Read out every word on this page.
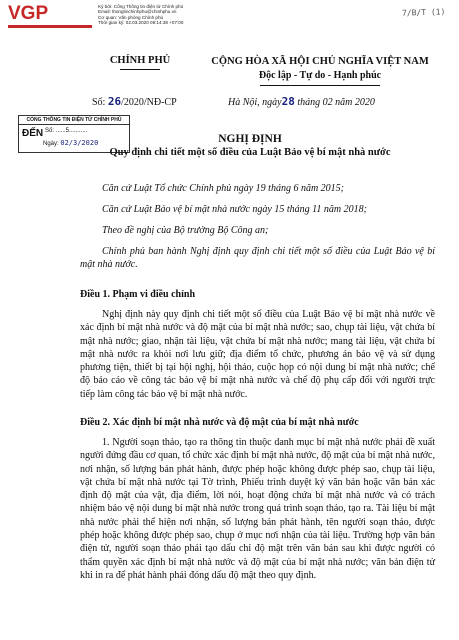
VGP	Ký bởi: Cổng Thông tin điện tử Chính phủ
Email: thongtinchinhphu@chinhphu.vn
Cơ quan: Văn phòng Chính phủ
Thời gian ký: 02.03.2020 09:14:38 +07:00
7/B/T (1)
CHÍNH PHỦ	CỘNG HÒA XÃ HỘI CHỦ NGHĨA VIỆT NAM
Độc lập - Tự do - Hạnh phúc
Số: 26/2020/NĐ-CP	Hà Nội, ngày28 tháng 02 năm 2020
CỔNG THÔNG TIN ĐIỆN TỬ CHÍNH PHỦ
ĐẾN Số: ......5...........
Ngày: 02/3/2020	NGHỊ ĐỊNH
Quy định chi tiết một số điều của Luật Bảo vệ bí mật nhà nước
Căn cứ Luật Tổ chức Chính phủ ngày 19 tháng 6 năm 2015;
Căn cứ Luật Bảo vệ bí mật nhà nước ngày 15 tháng 11 năm 2018;
Theo đề nghị của Bộ trưởng Bộ Công an;
Chính phủ ban hành Nghị định quy định chi tiết một số điều của Luật Bảo vệ bí mật nhà nước.
Điều 1. Phạm vi điều chỉnh
Nghị định này quy định chi tiết một số điều của Luật Bảo vệ bí mật nhà nước về xác định bí mật nhà nước và độ mật của bí mật nhà nước; sao, chụp tài liệu, vật chứa bí mật nhà nước; giao, nhận tài liệu, vật chứa bí mật nhà nước; mang tài liệu, vật chứa bí mật nhà nước ra khỏi nơi lưu giữ; địa điểm tổ chức, phương án bảo vệ và sử dụng phương tiện, thiết bị tại hội nghị, hội thảo, cuộc họp có nội dung bí mật nhà nước; chế độ báo cáo về công tác bảo vệ bí mật nhà nước và chế độ phụ cấp đối với người trực tiếp làm công tác bảo vệ bí mật nhà nước.
Điều 2. Xác định bí mật nhà nước và độ mật của bí mật nhà nước
1. Người soạn thảo, tạo ra thông tin thuộc danh mục bí mật nhà nước phải đề xuất người đứng đầu cơ quan, tổ chức xác định bí mật nhà nước, độ mật của bí mật nhà nước, nơi nhận, số lượng bản phát hành, được phép hoặc không được phép sao, chụp tài liệu, vật chứa bí mật nhà nước tại Tờ trình, Phiếu trình duyệt ký văn bản hoặc văn bản xác định độ mật của vật, địa điểm, lời nói, hoạt động chứa bí mật nhà nước và có trách nhiệm bảo vệ nội dung bí mật nhà nước trong quá trình soạn thảo, tạo ra. Tài liệu bí mật nhà nước phải thể hiện nơi nhận, số lượng bản phát hành, tên người soạn thảo, được phép hoặc không được phép sao, chụp ở mục nơi nhận của tài liệu. Trường hợp văn bản điện tử, người soạn thảo phải tạo dấu chỉ độ mật trên văn bản sau khi được người có thẩm quyền xác định bí mật nhà nước và độ mật của bí mật nhà nước; văn bản điện tử khi in ra để phát hành phải đóng dấu độ mật theo quy định.
